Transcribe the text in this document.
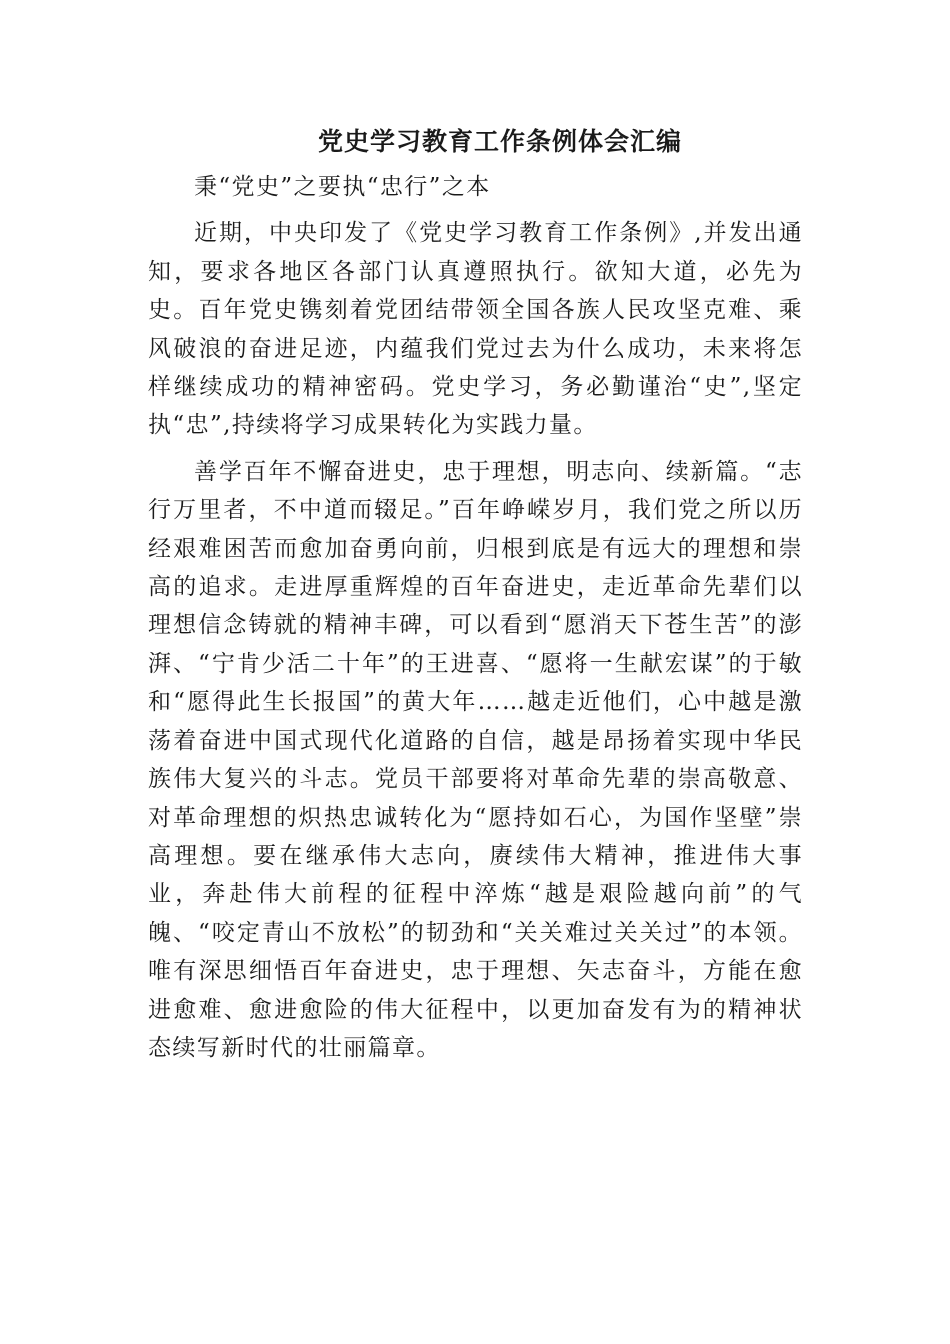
党史学习教育工作条例体会汇编

秉“党史”之要执“忠行”之本

近期，中央印发了《党史学习教育工作条例》,并发出通知，要求各地区各部门认真遵照执行。欲知大道，必先为史。百年党史镌刻着党团结带领全国各族人民攻坚克难、乘风破浪的奋进足迹，内蕴我们党过去为什么成功，未来将怎样继续成功的精神密码。党史学习，务必勤谨治“史”,坚定执“忠”,持续将学习成果转化为实践力量。

善学百年不懈奋进史，忠于理想，明志向、续新篇。“志行万里者，不中道而辍足。”百年峥嵘岁月，我们党之所以历经艰难困苦而愈加奋勇向前，归根到底是有远大的理想和崇高的追求。走进厚重辉煌的百年奋进史，走近革命先辈们以理想信念铸就的精神丰碑，可以看到“愿消天下苍生苦”的澎湃、“宁肯少活二十年”的王进喜、“愿将一生献宏谋”的于敏和“愿得此生长报国”的黄大年……越走近他们，心中越是激荡着奋进中国式现代化道路的自信，越是昂扬着实现中华民族伟大复兴的斗志。党员干部要将对革命先辈的崇高敬意、对革命理想的炽热忠诚转化为“愿持如石心，为国作坚壁”崇高理想。要在继承伟大志向，赓续伟大精神，推进伟大事业，奔赴伟大前程的征程中淬炼“越是艰险越向前”的气魄、“咬定青山不放松”的韧劲和“关关难过关关过”的本领。唯有深思细悟百年奋进史，忠于理想、矢志奋斗，方能在愈进愈难、愈进愈险的伟大征程中，以更加奋发有为的精神状态续写新时代的壮丽篇章。
